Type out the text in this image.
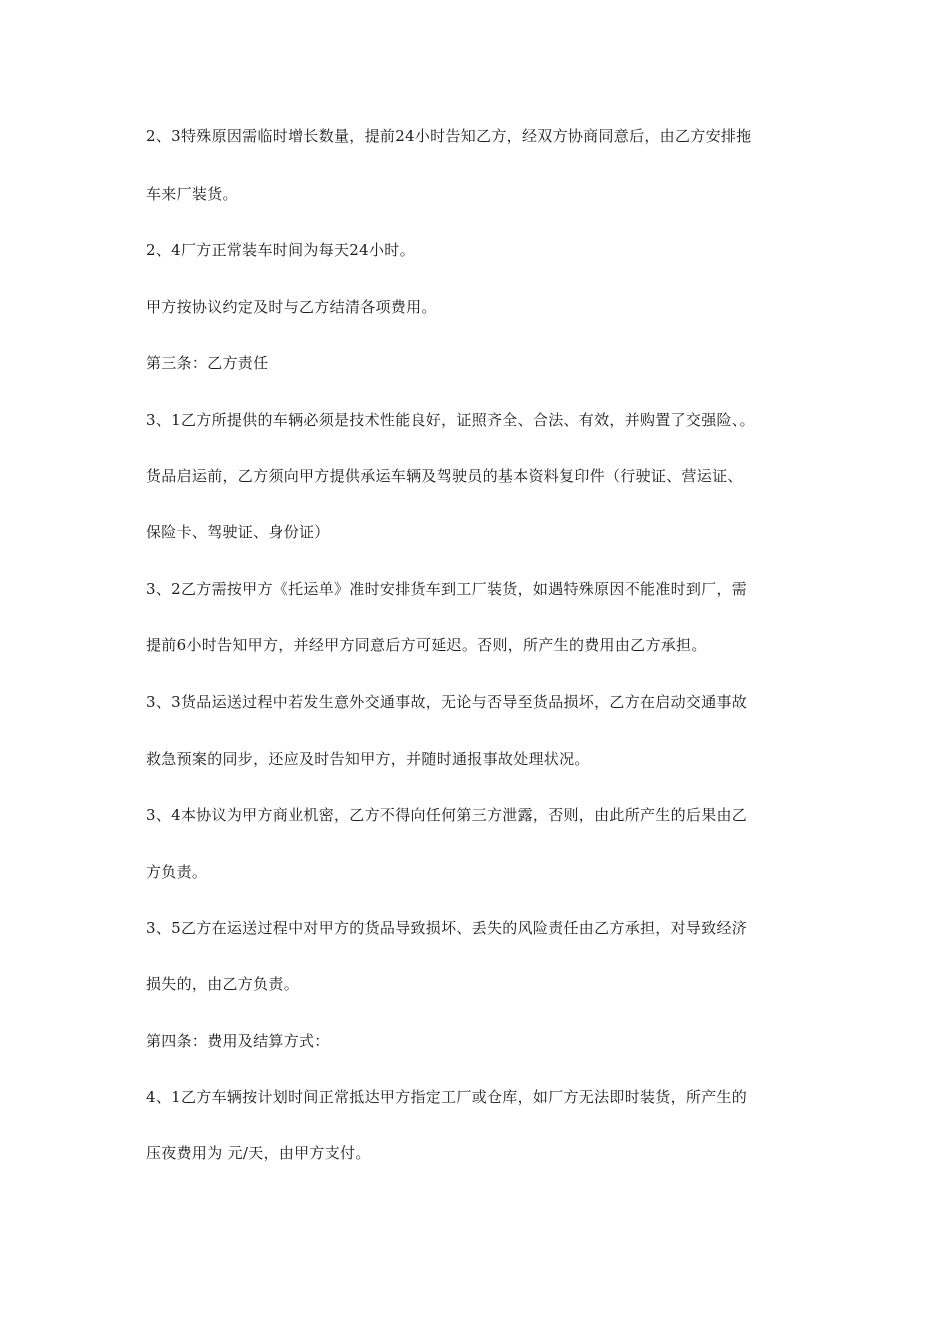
2、3特殊原因需临时增长数量，提前24小时告知乙方，经双方协商同意后，由乙方安排拖
车来厂装货。
2、4厂方正常装车时间为每天24小时。
甲方按协议约定及时与乙方结清各项费用。
第三条：乙方责任
3、1乙方所提供的车辆必须是技术性能良好，证照齐全、合法、有效，并购置了交强险、。
货品启运前，乙方须向甲方提供承运车辆及驾驶员的基本资料复印件（行驶证、营运证、
保险卡、驾驶证、身份证）
3、2乙方需按甲方《托运单》准时安排货车到工厂装货，如遇特殊原因不能准时到厂，需
提前6小时告知甲方，并经甲方同意后方可延迟。否则，所产生的费用由乙方承担。
3、3货品运送过程中若发生意外交通事故，无论与否导至货品损坏，乙方在启动交通事故
救急预案的同步，还应及时告知甲方，并随时通报事故处理状况。
3、4本协议为甲方商业机密，乙方不得向任何第三方泄露，否则，由此所产生的后果由乙
方负责。
3、5乙方在运送过程中对甲方的货品导致损坏、丢失的风险责任由乙方承担，对导致经济
损失的，由乙方负责。
第四条：费用及结算方式：
4、1乙方车辆按计划时间正常抵达甲方指定工厂或仓库，如厂方无法即时装货，所产生的
压夜费用为 元/天，由甲方支付。
